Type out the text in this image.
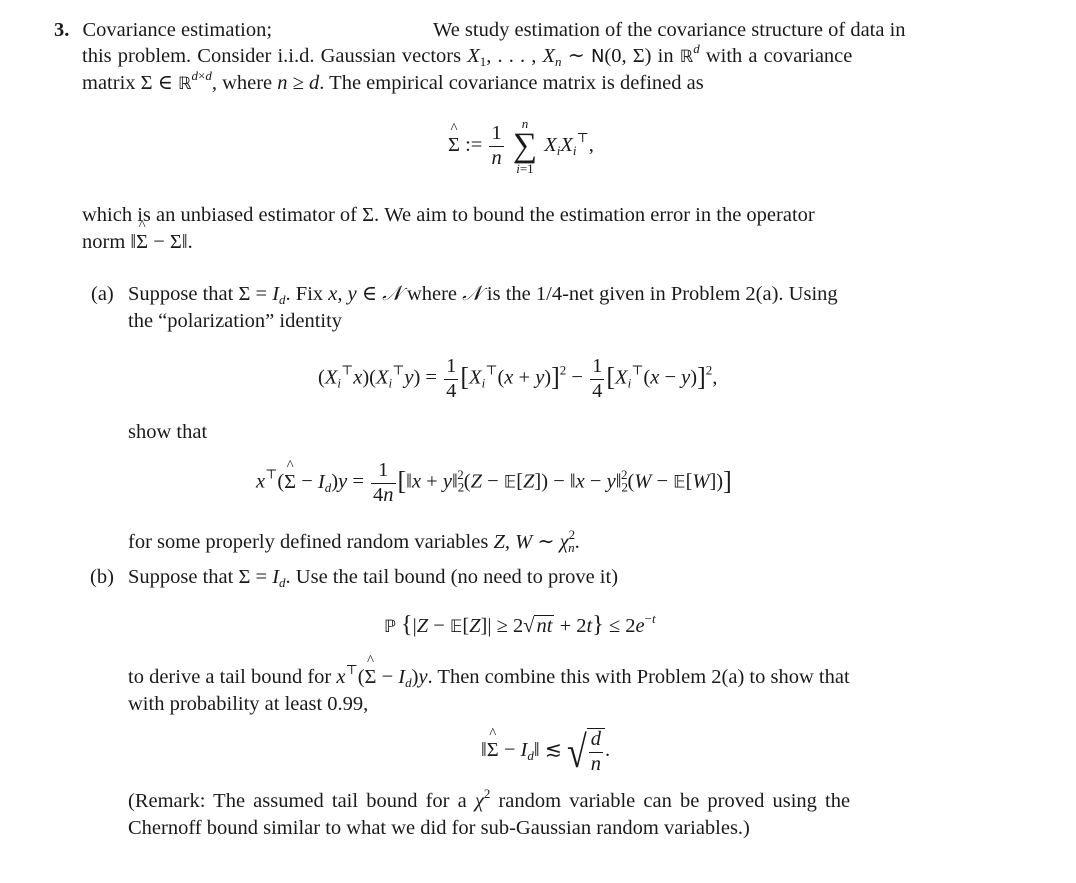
3. Covariance estimation;	We study estimation of the covariance structure of data in
this problem. Consider i.i.d. Gaussian vectors $X_1$, . . . , $X_n$ ∼ N(0, Σ) in ℝ$^d$ with a covariance
matrix Σ ∈ ℝ$^{d\times d}$, where n ≥ d. The empirical covariance matrix is defined as
^ Σ := $\frac{1}{n}$
	n
∑
i=1
$X_iX_i^⊤$,
which is an unbiased estimator of Σ. We aim to bound the estimation error in the operator
norm ‖^ Σ − Σ‖.
(a) Suppose that $\Sigma = I_d$. Fix x, y ∈ 𝒩 where 𝒩 is the 1/4-net given in Problem 2(a). Using
the “polarization” identity
$(X_i^⊤x)(X_i^⊤y) = \frac{1}{4} [X_i^⊤(x + y)]^2 - \frac{1}{4} [X_i^⊤(x - y)]^2$,
show that
x⊤(^ $\Sigma - I_d)y = \frac{1}{4n}$ [‖x + $y‖_2^2(Z$ − 𝔼[Z]) − ‖x − $y‖_2^2(W$ − 𝔼[W])]
for some properly defined random variables Z, W ∼ $\chi^2_n$.
(b) Suppose that $\Sigma = I_d$. Use the tail bound (no need to prove it)
ℙ {|Z − 𝔼[Z]| ≥ $2√nt + 2t\} \le 2e^{-t}$
to derive a tail bound for x⊤(^ $\Sigma - I_d)y$. Then combine this with Problem 2(a) to show that
with probability at least 0.99,
‖^ $\Sigma - I_d‖$ ≲ √ $\frac{d}{n}$ .
(Remark: The assumed tail bound for a $\chi^2$ random variable can be proved using the
Chernoff bound similar to what we did for sub-Gaussian random variables.)
